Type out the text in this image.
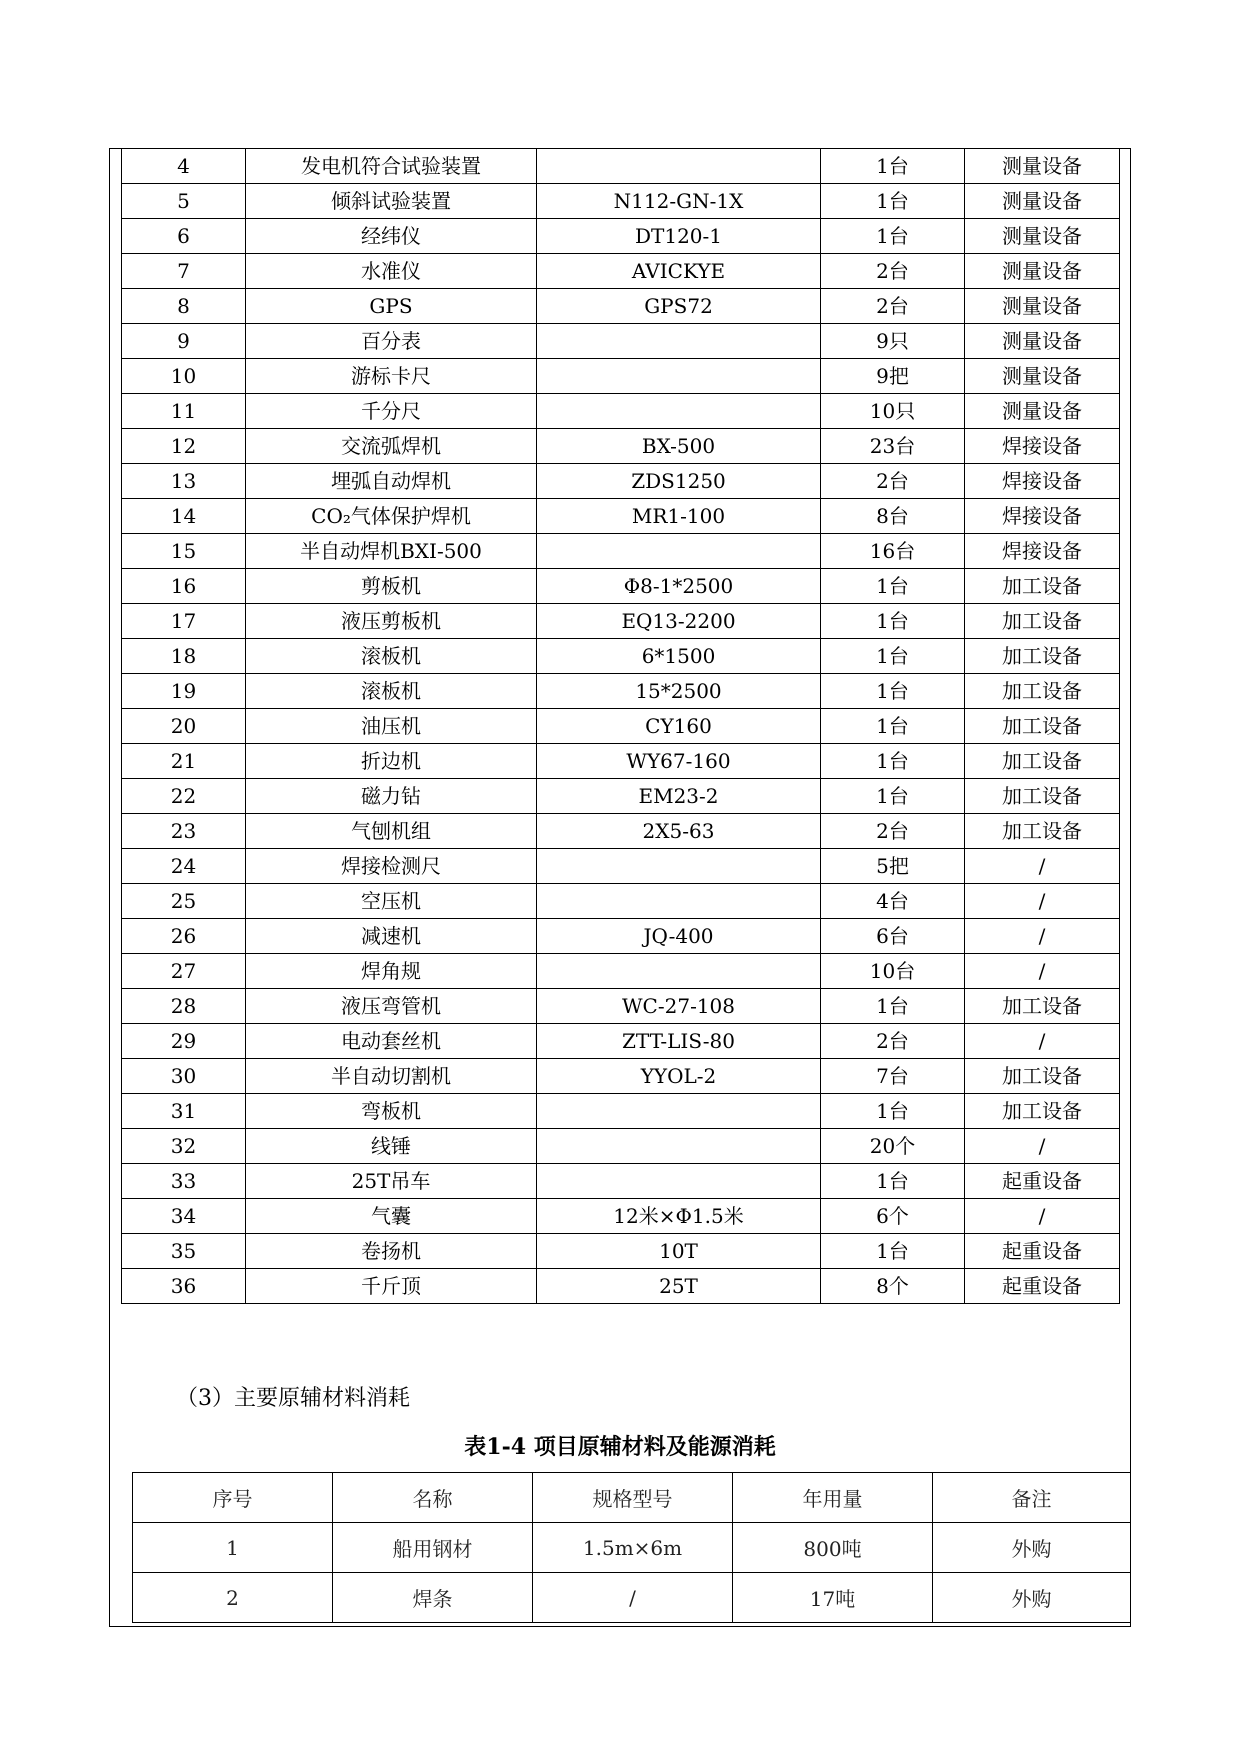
4	发电机符合试验装置		1台	测量设备
5	倾斜试验装置	N112-GN-1X	1台	测量设备
6	经纬仪	DT120-1	1台	测量设备
7	水准仪	AVICKYE	2台	测量设备
8	GPS	GPS72	2台	测量设备
9	百分表		9只	测量设备
10	游标卡尺		9把	测量设备
11	千分尺		10只	测量设备
12	交流弧焊机	BX-500	23台	焊接设备
13	埋弧自动焊机	ZDS1250	2台	焊接设备
14	CO₂气体保护焊机	MR1-100	8台	焊接设备
15	半自动焊机BXI-500		16台	焊接设备
16	剪板机	Φ8-1*2500	1台	加工设备
17	液压剪板机	EQ13-2200	1台	加工设备
18	滚板机	6*1500	1台	加工设备
19	滚板机	15*2500	1台	加工设备
20	油压机	CY160	1台	加工设备
21	折边机	WY67-160	1台	加工设备
22	磁力钻	EM23-2	1台	加工设备
23	气刨机组	2X5-63	2台	加工设备
24	焊接检测尺		5把	/
25	空压机		4台	/
26	减速机	JQ-400	6台	/
27	焊角规		10台	/
28	液压弯管机	WC-27-108	1台	加工设备
29	电动套丝机	ZTT-LIS-80	2台	/
30	半自动切割机	YYOL-2	7台	加工设备
31	弯板机		1台	加工设备
32	线锤		20个	/
33	25T吊车		1台	起重设备
34	气囊	12米×Φ1.5米	6个	/
35	卷扬机	10T	1台	起重设备
36	千斤顶	25T	8个	起重设备
（3）主要原辅材料消耗
表1-4 项目原辅材料及能源消耗
序号	名称	规格型号	年用量	备注
1	船用钢材	1.5m×6m	800吨	外购
2	焊条	/	17吨	外购
